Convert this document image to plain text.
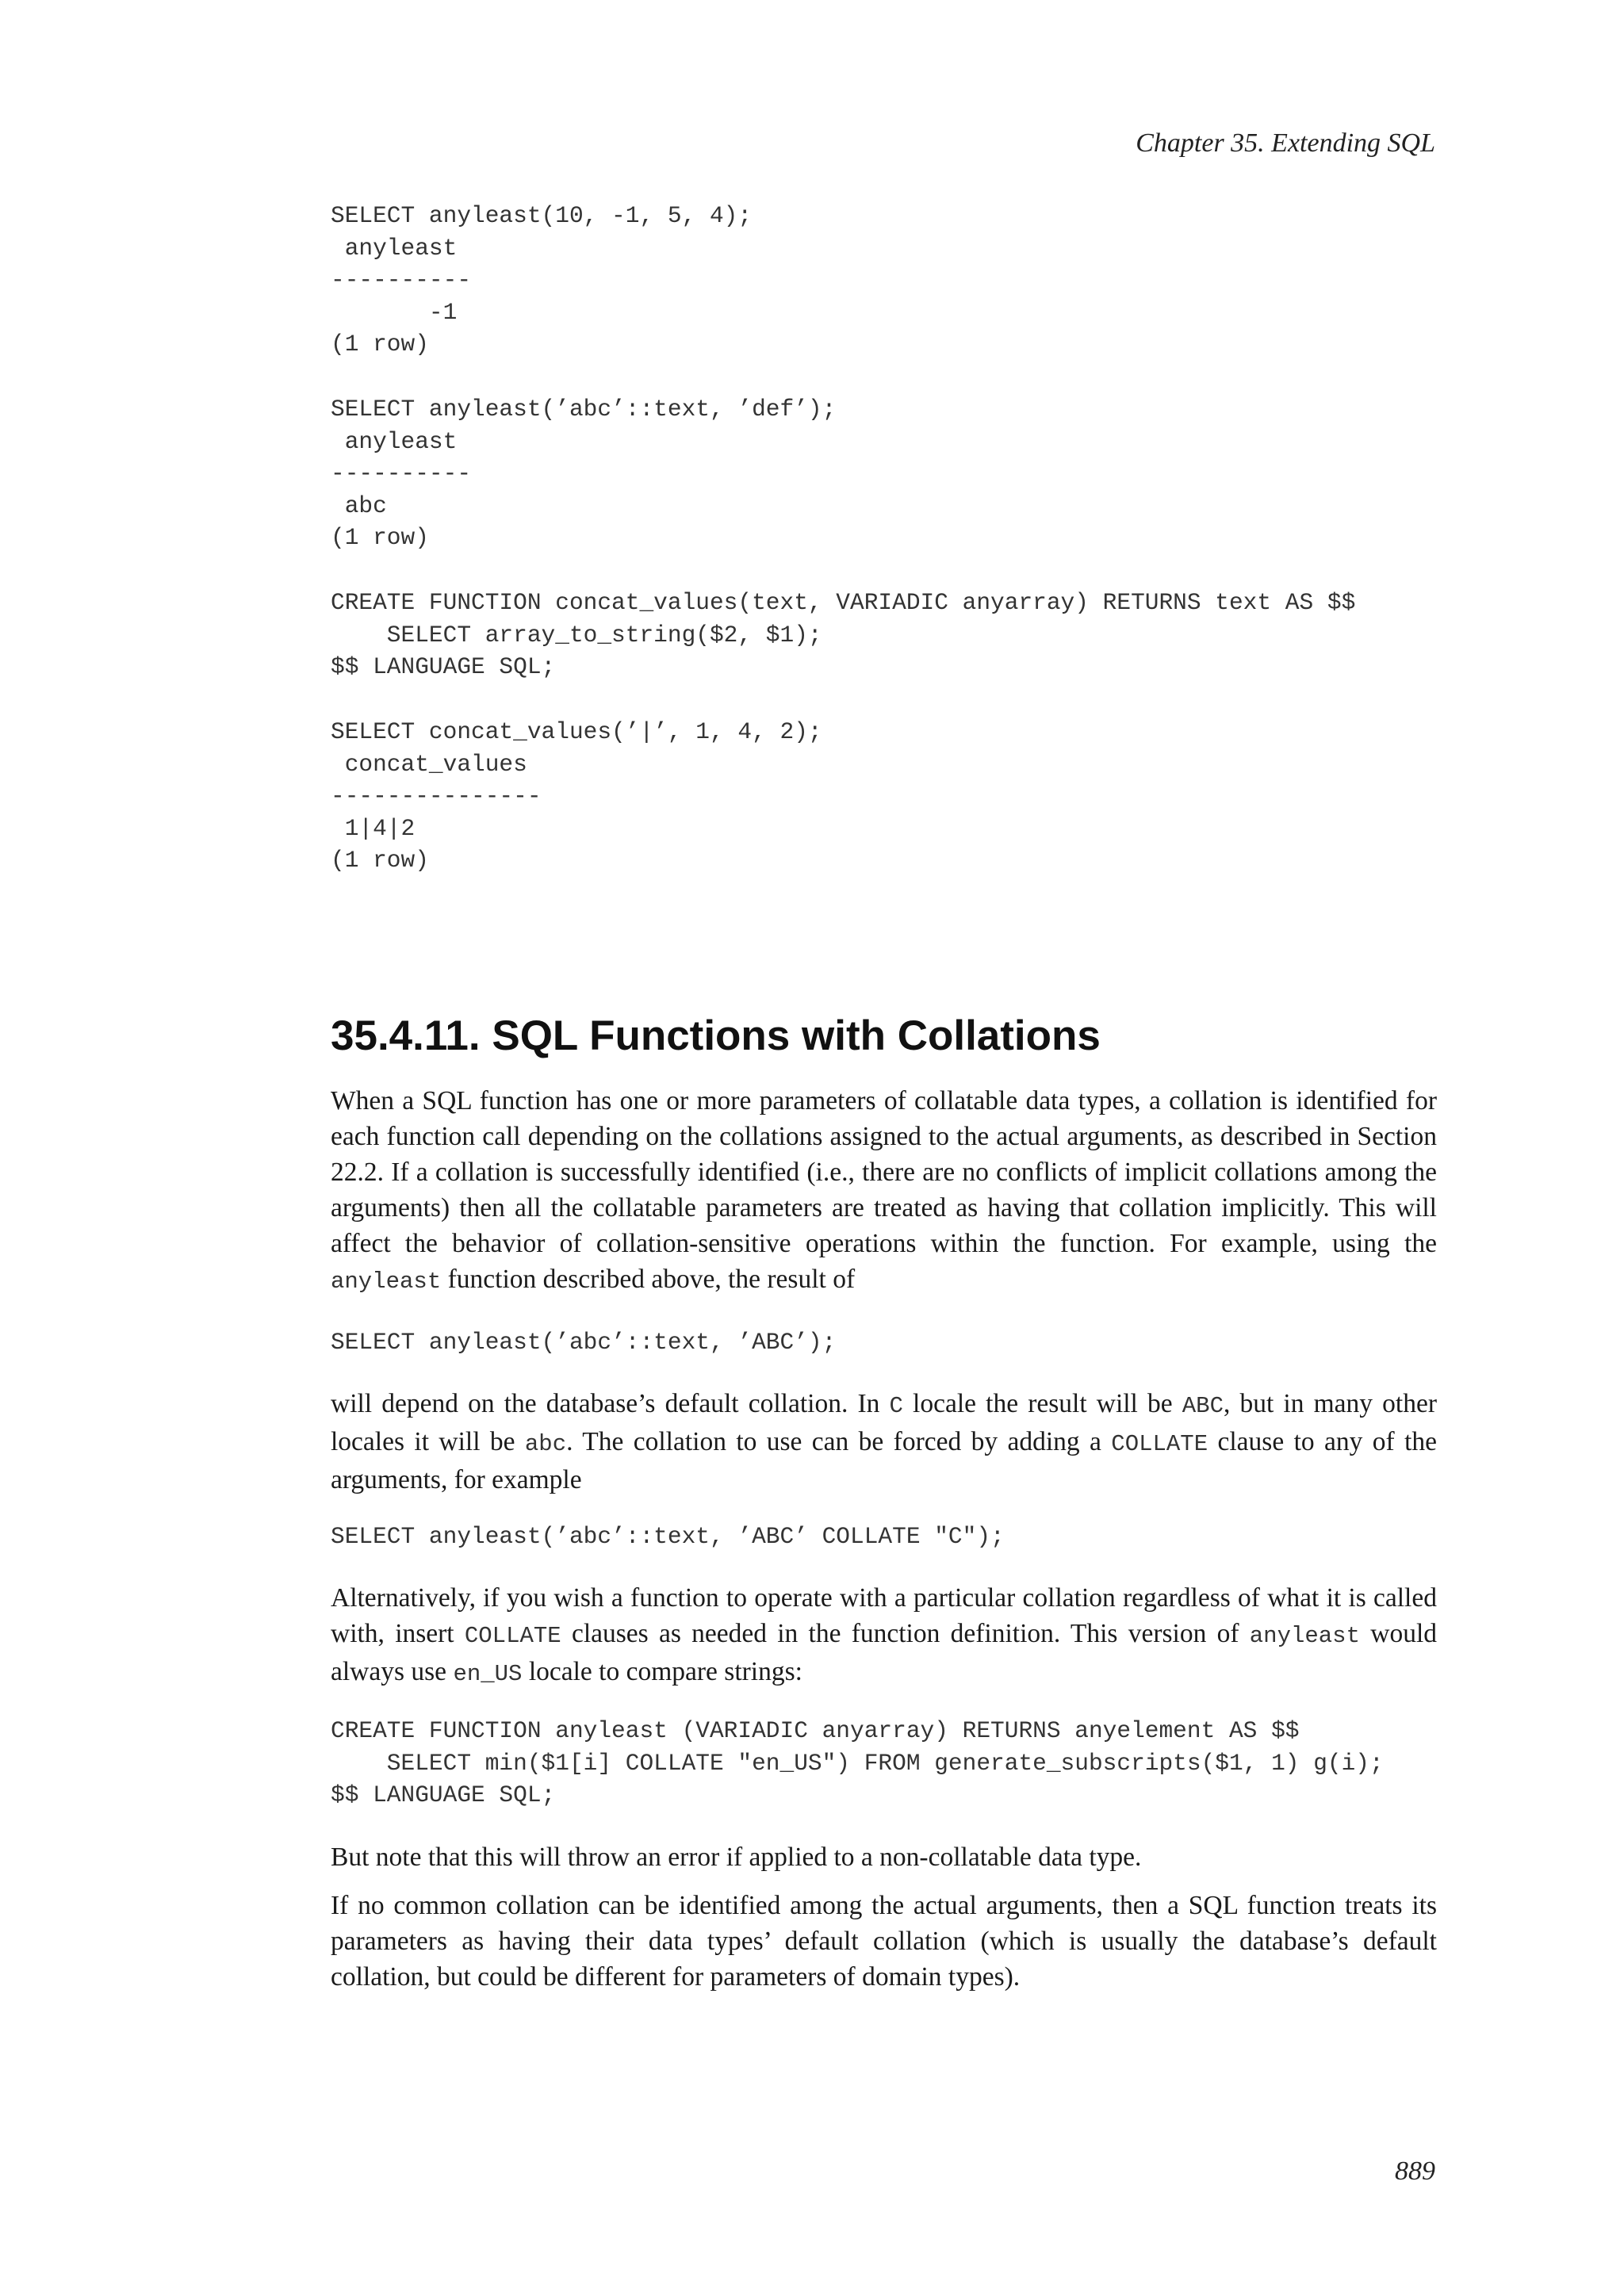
Chapter 35. Extending SQL
SELECT anyleast(10, -1, 5, 4);
anyleast
----------
-1
(1 row)
SELECT anyleast(’abc’::text, ’def’);
anyleast
----------
abc
(1 row)
CREATE FUNCTION concat_values(text, VARIADIC anyarray) RETURNS text AS $$
SELECT array_to_string($2, $1);
$$ LANGUAGE SQL;
SELECT concat_values(’|’, 1, 4, 2);
concat_values
---------------
1|4|2
(1 row)
35.4.11. SQL Functions with Collations

When a SQL function has one or more parameters of collatable data types, a collation is identified for each function call depending on the collations assigned to the actual arguments, as described in Section 22.2. If a collation is successfully identified (i.e., there are no conflicts of implicit collations among the arguments) then all the collatable parameters are treated as having that collation implicitly. This will affect the behavior of collation-sensitive operations within the function. For example, using the anyleast function described above, the result of

SELECT anyleast(’abc’::text, ’ABC’);

will depend on the database’s default collation. In C locale the result will be ABC, but in many other locales it will be abc. The collation to use can be forced by adding a COLLATE clause to any of the arguments, for example

SELECT anyleast(’abc’::text, ’ABC’ COLLATE "C");

Alternatively, if you wish a function to operate with a particular collation regardless of what it is called with, insert COLLATE clauses as needed in the function definition. This version of anyleast would always use en_US locale to compare strings:

CREATE FUNCTION anyleast (VARIADIC anyarray) RETURNS anyelement AS $$
SELECT min($1[i] COLLATE "en_US") FROM generate_subscripts($1, 1) g(i);
$$ LANGUAGE SQL;

But note that this will throw an error if applied to a non-collatable data type.

If no common collation can be identified among the actual arguments, then a SQL function treats its parameters as having their data types’ default collation (which is usually the database’s default collation, but could be different for parameters of domain types).

889
